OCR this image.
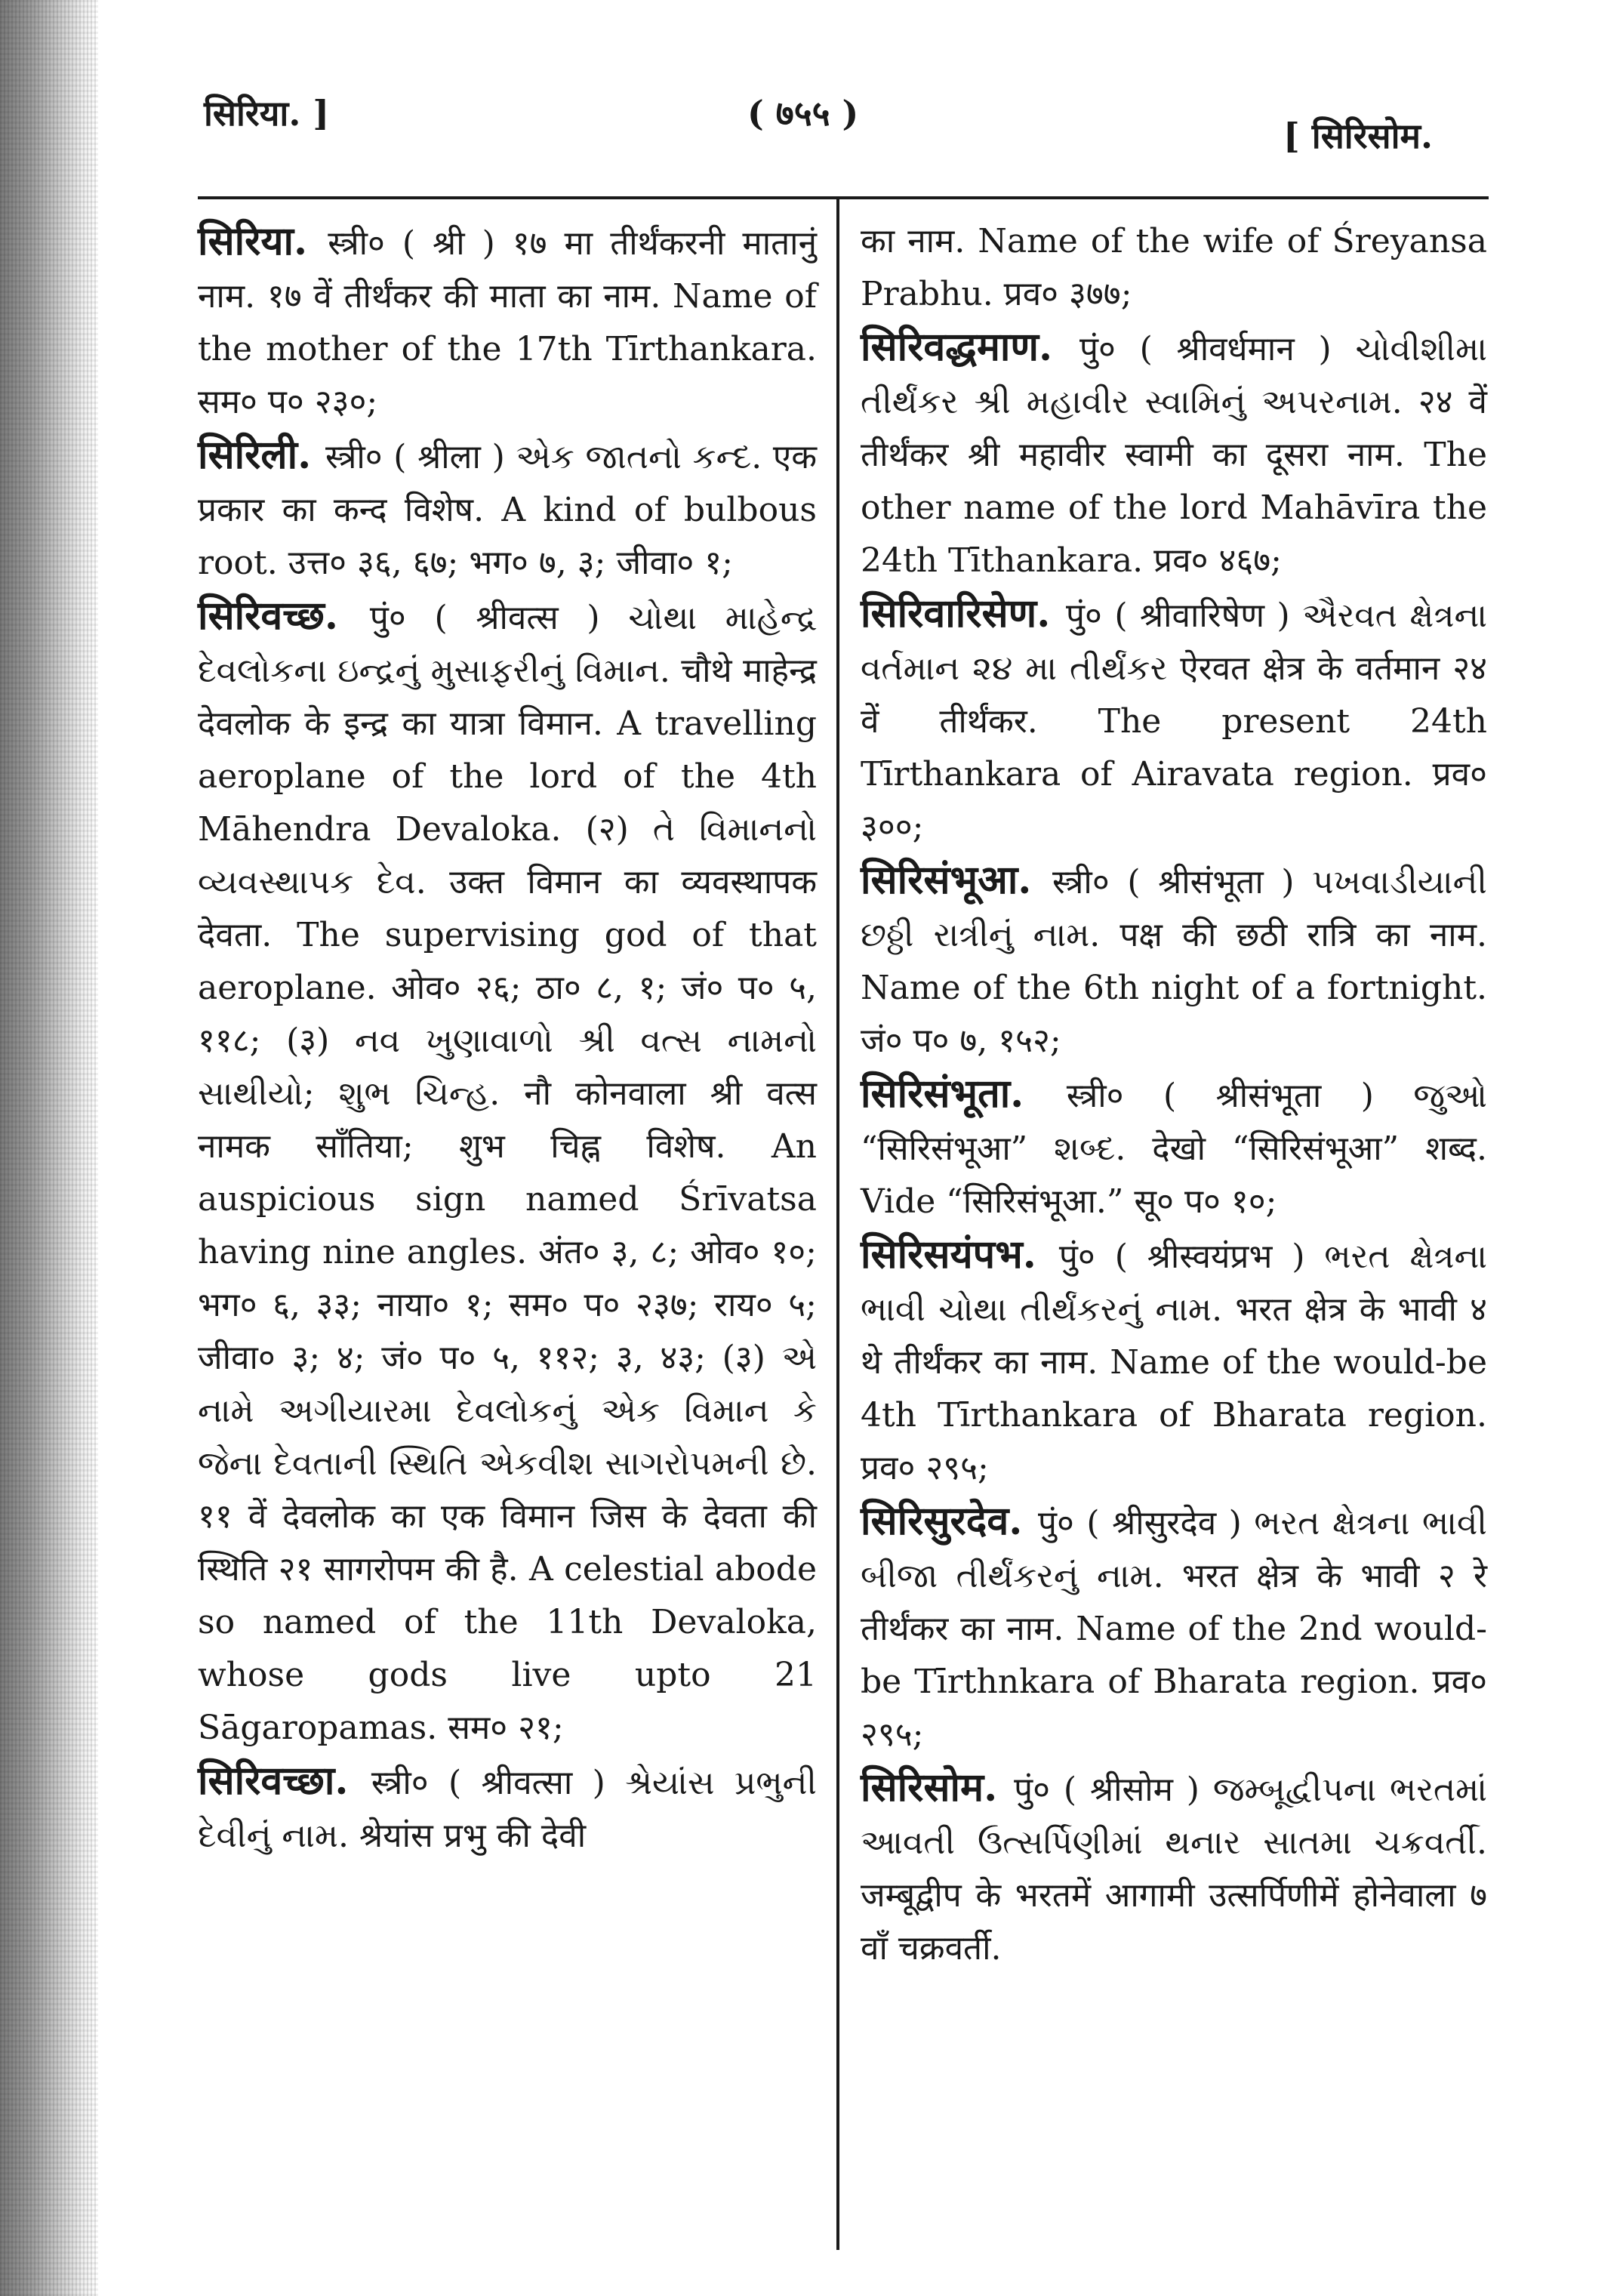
सिरिया. ]	( ७५५ )
[ सिरिसोम.
सिरिया. स्त्री० ( श्री ) १७ मा तीर्थंकरनी मातानुं नाम. १७ वें तीर्थंकर की माता का नाम. Name of the mother of the 17th Tīrthankara. सम० प० २३०;
सिरिली. स्त्री० ( श्रीला ) એક જાતનો કન્દ. एक प्रकार का कन्द विशेष. A kind of bulbous root. उत्त० ३६, ६७; भग० ७, ३; जीवा० १;
सिरिवच्छ. पुं० ( श्रीवत्स ) ચોથા માહેન્દ્ર દેવલોકના ઇન્દ્રનું મુસાફરીનું વિમાન. चौथे माहेन्द्र देवलोक के इन्द्र का यात्रा विमान. A travelling aeroplane of the lord of the 4th Māhendra Devaloka. (२) તે વિમાનનો વ્યવસ્થાપક દેવ. उक्त विमान का व्यवस्थापक देवता. The supervising god of that aeroplane. ओव० २६; ठा० ८, १; जं० प० ५, ११८; (३) નવ ખુણાવાળો શ્રી વત્સ નામનો સાથીયો; શુભ ચિન્હ. नौ कोनवाला श्री वत्स नामक साँतिया; शुभ चिह्न विशेष. An auspicious sign named Śrīvatsa having nine angles. अंत० ३, ८; ओव० १०; भग० ६, ३३; नाया० १; सम० प० २३७; राय० ५; जीवा० ३; ४; जं० प० ५, ११२; ३, ४३; (३) એ નામે અગીયારમા દેવલોકનું એક વિમાન કે જેના દેવતાની સ્થિતિ એકવીશ સાગરોપમની છે. ११ वें देवलोक का एक विमान जिस के देवता की स्थिति २१ सागरोपम की है. A celestial abode so named of the 11th Devaloka, whose gods live upto 21 Sāgaropamas. सम० २१;
सिरिवच्छा. स्त्री० ( श्रीवत्सा ) શ્રેયાંસ પ્રભુની દેવીનું નામ. श्रेयांस प्रभु की देवी
का नाम. Name of the wife of Śreyansa Prabhu. प्रव० ३७७;
सिरिवद्धमाण. पुं० ( श्रीवर्धमान ) ચોવીશીમા તીર્થંકર શ્રી મહાવીર સ્વામિનું અપરનામ. २४ वें तीर्थंकर श्री महावीर स्वामी का दूसरा नाम. The other name of the lord Mahāvīra the 24th Tīthankara. प्रव० ४६७;
सिरिवारिसेण. पुं० ( श्रीवारिषेण ) ઐરવત ક્ષેત્રના વર્તમાન ૨૪ મા તીર્થંકર ऐरवत क्षेत्र के वर्तमान २४ वें तीर्थंकर. The present 24th Tīrthankara of Airavata region. प्रव० ३००;
सिरिसंभूआ. स्त्री० ( श्रीसंभूता ) પખવાડીયાની છઠ્ઠી રાત્રીનું નામ. पक्ष की छठी रात्रि का नाम. Name of the 6th night of a fortnight. जं० प० ७, १५२;
सिरिसंभूता. स्त्री० ( श्रीसंभूता ) જુઓ “सिरिसंभूआ” શબ્દ. देखो “सिरिसंभूआ” शब्द. Vide “सिरिसंभूआ.” सू० प० १०;
सिरिसयंपभ. पुं० ( श्रीस्वयंप्रभ ) ભરત ક્ષેત્રના ભાવી ચોથા તીર્થંકરનું નામ. भरत क्षेत्र के भावी ४ थे तीर्थंकर का नाम. Name of the would-be 4th Tīrthankara of Bharata region. प्रव० २९५;
सिरिसुरदेव. पुं० ( श्रीसुरदेव ) ભરત ક્ષેત્રના ભાવી બીજા તીર્થંકરનું નામ. भरत क्षेत्र के भावी २ रे तीर्थंकर का नाम. Name of the 2nd would-be Tīrthnkara of Bharata region. प्रव० २९५;
सिरिसोम. पुं० ( श्रीसोम ) જમ્બૂદ્વીપના ભરતમાં આવતી ઉત્સર્પિણીમાં થનાર સાતમા ચક્રવર્તી. जम्बूद्वीप के भरतमें आगामी उत्सर्पिणीमें होनेवाला ७ वाँ चक्रवर्ती.
